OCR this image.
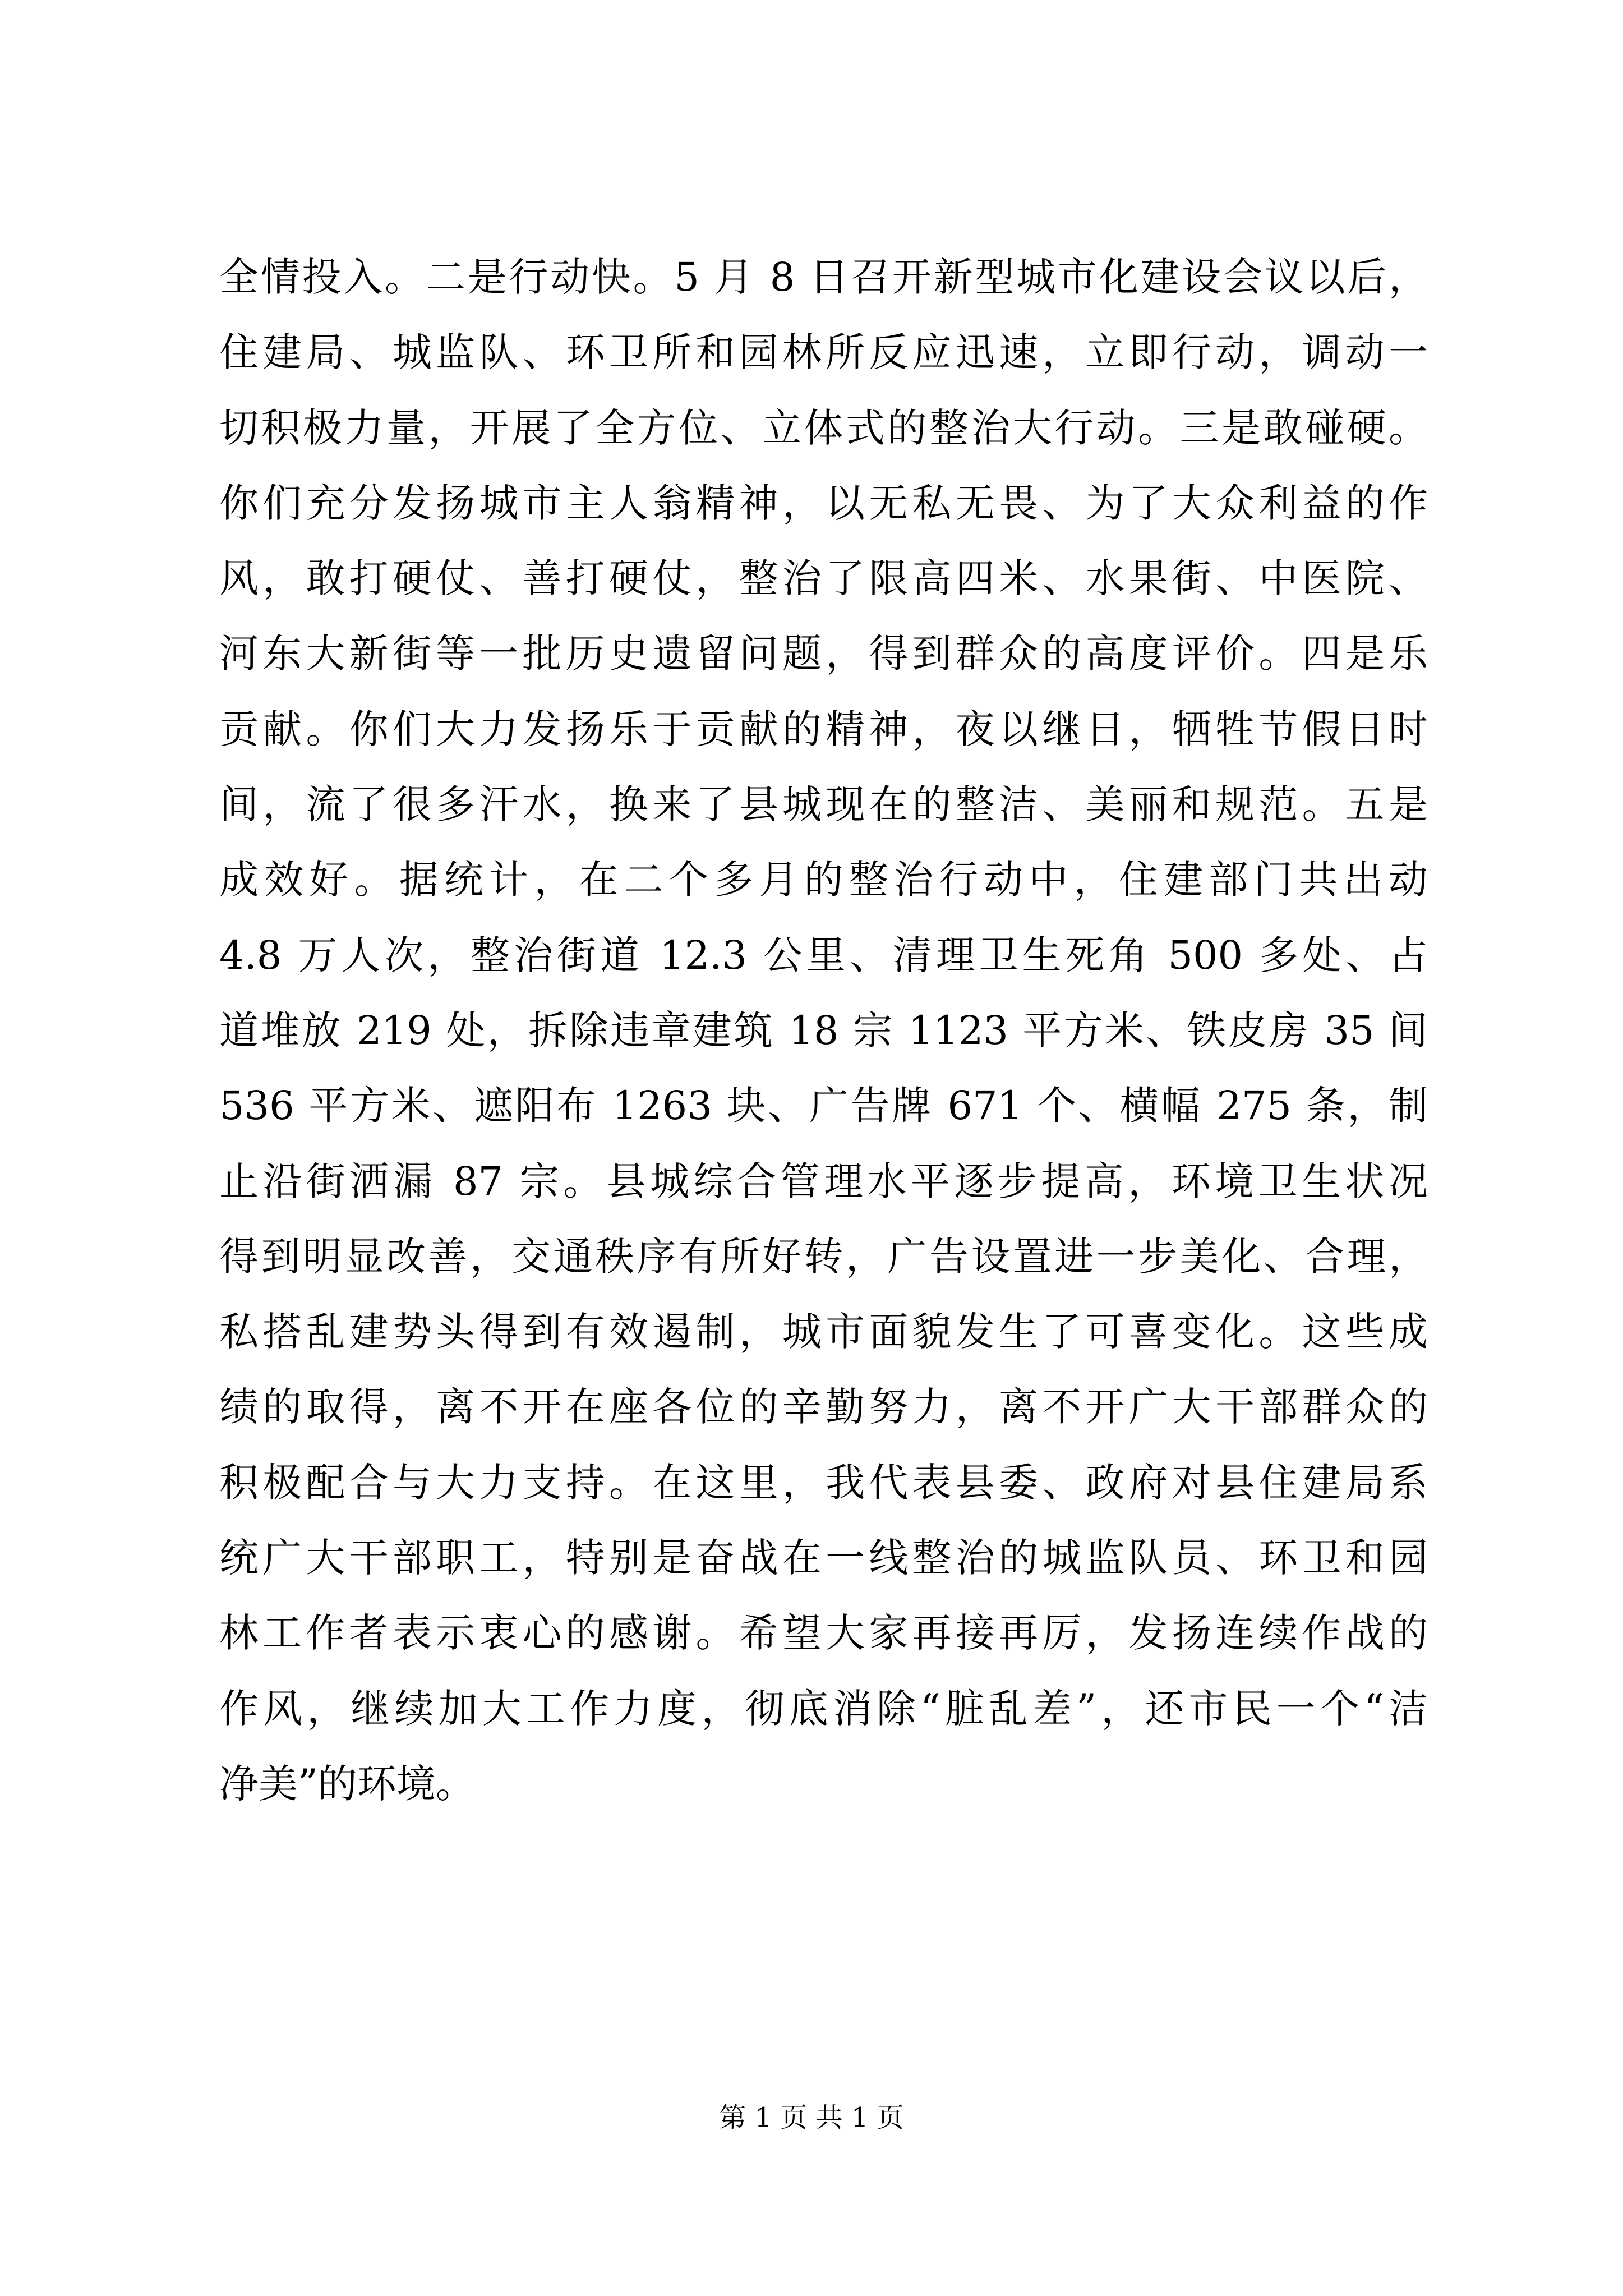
全情投入。二是行动快。5 月 8 日召开新型城市化建设会议以后，
住建局、城监队、环卫所和园林所反应迅速，立即行动，调动一
切积极力量，开展了全方位、立体式的整治大行动。三是敢碰硬。
你们充分发扬城市主人翁精神，以无私无畏、为了大众利益的作
风，敢打硬仗、善打硬仗，整治了限高四米、水果街、中医院、
河东大新街等一批历史遗留问题，得到群众的高度评价。四是乐
贡献。你们大力发扬乐于贡献的精神，夜以继日，牺牲节假日时
间，流了很多汗水，换来了县城现在的整洁、美丽和规范。五是
成效好。据统计，在二个多月的整治行动中，住建部门共出动
4.8 万人次，整治街道 12.3 公里、清理卫生死角 500 多处、占
道堆放 219 处，拆除违章建筑 18 宗 1123 平方米、铁皮房 35 间
536 平方米、遮阳布 1263 块、广告牌 671 个、横幅 275 条，制
止沿街洒漏 87 宗。县城综合管理水平逐步提高，环境卫生状况
得到明显改善，交通秩序有所好转，广告设置进一步美化、合理，
私搭乱建势头得到有效遏制，城市面貌发生了可喜变化。这些成
绩的取得，离不开在座各位的辛勤努力，离不开广大干部群众的
积极配合与大力支持。在这里，我代表县委、政府对县住建局系
统广大干部职工，特别是奋战在一线整治的城监队员、环卫和园
林工作者表示衷心的感谢。希望大家再接再厉，发扬连续作战的
作风，继续加大工作力度，彻底消除“脏乱差”，还市民一个“洁
净美”的环境。
第 1 页 共 1 页
